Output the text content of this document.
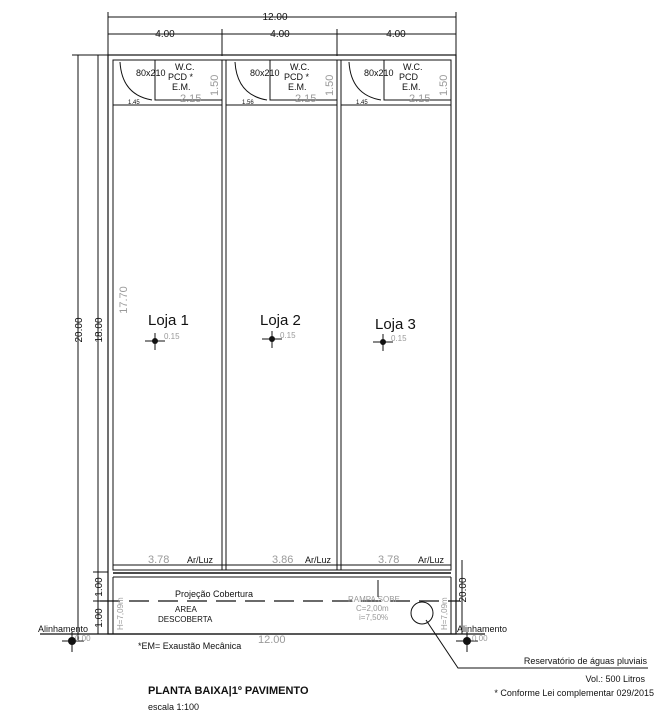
12.00
4.00	4.00	4.00
20.00 18.00
1.00
1.00
17.70
80x210
W.C.
PCD *
E.M.
2.15
1.50
1.45
80x210
W.C.
PCD *
E.M.
2.15
1.50
1.56
80x210
W.C.
PCD
E.M.
2.15
1.50
1.45
Loja 1
0.15
3.78 Ar/Luz
Loja 2
0.15
3.86 Ar/Luz
Loja 3
0.15
3.78 Ar/Luz
Projeção Cobertura
AREA
DESCOBERTA
RAMPA SOBE
C=2,00m
i=7,50%
H=7,09m	H=7,09m
20.00
Alinhamento
0.00
Alinhamento
0.00
12.00
*EM= Exaustão Mecânica
Reservatório de águas pluviais
Vol.: 500 Litros
* Conforme Lei complementar 029/2015
PLANTA BAIXA|1º PAVIMENTO
escala 1:100
